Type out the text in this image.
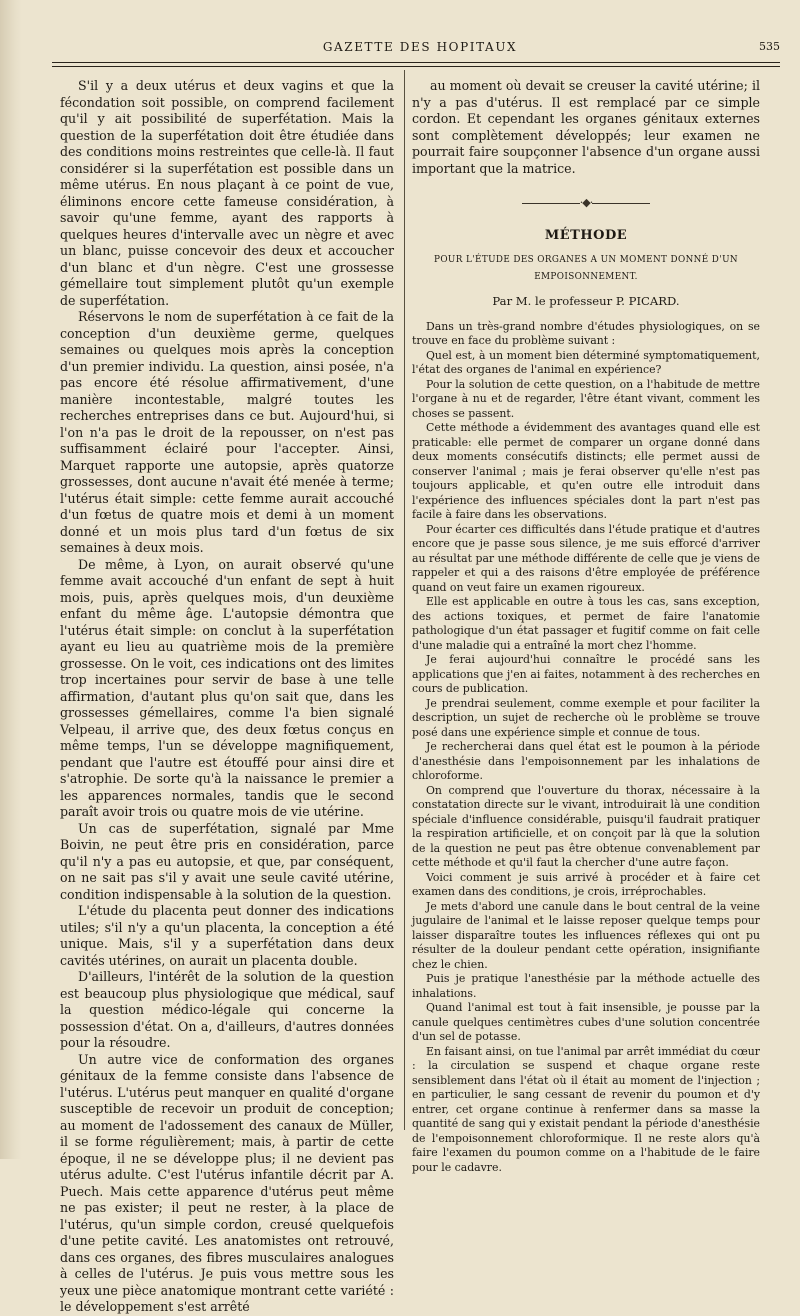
GAZETTE DES HOPITAUX	535

S'il y a deux utérus et deux vagins et que la fécondation soit possible, on comprend facilement qu'il y ait possibilité de superfétation. Mais la question de la superfétation doit être étudiée dans des conditions moins restreintes que celle-là. Il faut considérer si la superfétation est possible dans un même utérus. En nous plaçant à ce point de vue, éliminons encore cette fameuse considération, à savoir qu'une femme, ayant des rapports à quelques heures d'intervalle avec un nègre et avec un blanc, puisse concevoir des deux et accoucher d'un blanc et d'un nègre. C'est une grossesse gémellaire tout simplement plutôt qu'un exemple de superfétation.

Réservons le nom de superfétation à ce fait de la conception d'un deuxième germe, quelques semaines ou quelques mois après la conception d'un premier individu. La question, ainsi posée, n'a pas encore été résolue affirmativement, d'une manière incontestable, malgré toutes les recherches entreprises dans ce but. Aujourd'hui, si l'on n'a pas le droit de la repousser, on n'est pas suffisamment éclairé pour l'accepter. Ainsi, Marquet rapporte une autopsie, après quatorze grossesses, dont aucune n'avait été menée à terme; l'utérus était simple: cette femme aurait accouché d'un fœtus de quatre mois et demi à un moment donné et un mois plus tard d'un fœtus de six semaines à deux mois.

De même, à Lyon, on aurait observé qu'une femme avait accouché d'un enfant de sept à huit mois, puis, après quelques mois, d'un deuxième enfant du même âge. L'autopsie démontra que l'utérus était simple: on conclut à la superfétation ayant eu lieu au quatrième mois de la première grossesse. On le voit, ces indications ont des limites trop incertaines pour servir de base à une telle affirmation, d'autant plus qu'on sait que, dans les grossesses gémellaires, comme l'a bien signalé Velpeau, il arrive que, des deux fœtus conçus en même temps, l'un se développe magnifiquement, pendant que l'autre est étouffé pour ainsi dire et s'atrophie. De sorte qu'à la naissance le premier a les apparences normales, tandis que le second paraît avoir trois ou quatre mois de vie utérine.

Un cas de superfétation, signalé par Mme Boivin, ne peut être pris en considération, parce qu'il n'y a pas eu autopsie, et que, par conséquent, on ne sait pas s'il y avait une seule cavité utérine, condition indispensable à la solution de la question.

L'étude du placenta peut donner des indications utiles; s'il n'y a qu'un placenta, la conception a été unique. Mais, s'il y a superfétation dans deux cavités utérines, on aurait un placenta double.

D'ailleurs, l'intérêt de la solution de la question est beaucoup plus physiologique que médical, sauf la question médico-légale qui concerne la possession d'état. On a, d'ailleurs, d'autres données pour la résoudre.

Un autre vice de conformation des organes génitaux de la femme consiste dans l'absence de l'utérus. L'utérus peut manquer en qualité d'organe susceptible de recevoir un produit de conception; au moment de l'adossement des canaux de Müller, il se forme régulièrement; mais, à partir de cette époque, il ne se développe plus; il ne devient pas utérus adulte. C'est l'utérus infantile décrit par A. Puech. Mais cette apparence d'utérus peut même ne pas exister; il peut ne rester, à la place de l'utérus, qu'un simple cordon, creusé quelquefois d'une petite cavité. Les anatomistes ont retrouvé, dans ces organes, des fibres musculaires analogues à celles de l'utérus. Je puis vous mettre sous les yeux une pièce anatomique montrant cette variété : le développement s'est arrêté

au moment où devait se creuser la cavité utérine; il n'y a pas d'utérus. Il est remplacé par ce simple cordon. Et cependant les organes génitaux externes sont complètement développés; leur examen ne pourrait faire soupçonner l'absence d'un organe aussi important que la matrice.

·◆·
MÉTHODE
POUR L'ÉTUDE DES ORGANES A UN MOMENT DONNÉ D'UN EMPOISONNEMENT.
Par M. le professeur P. PICARD.

Dans un très-grand nombre d'études physiologiques, on se trouve en face du problème suivant :

Quel est, à un moment bien déterminé symptomatiquement, l'état des organes de l'animal en expérience?

Pour la solution de cette question, on a l'habitude de mettre l'organe à nu et de regarder, l'être étant vivant, comment les choses se passent.

Cette méthode a évidemment des avantages quand elle est praticable: elle permet de comparer un organe donné dans deux moments consécutifs distincts; elle permet aussi de conserver l'animal ; mais je ferai observer qu'elle n'est pas toujours applicable, et qu'en outre elle introduit dans l'expérience des influences spéciales dont la part n'est pas facile à faire dans les observations.

Pour écarter ces difficultés dans l'étude pratique et d'autres encore que je passe sous silence, je me suis efforcé d'arriver au résultat par une méthode différente de celle que je viens de rappeler et qui a des raisons d'être employée de préférence quand on veut faire un examen rigoureux.

Elle est applicable en outre à tous les cas, sans exception, des actions toxiques, et permet de faire l'anatomie pathologique d'un état passager et fugitif comme on fait celle d'une maladie qui a entraîné la mort chez l'homme.

Je ferai aujourd'hui connaître le procédé sans les applications que j'en ai faites, notamment à des recherches en cours de publication.

Je prendrai seulement, comme exemple et pour faciliter la description, un sujet de recherche où le problème se trouve posé dans une expérience simple et connue de tous.

Je rechercherai dans quel état est le poumon à la période d'anesthésie dans l'empoisonnement par les inhalations de chloroforme.

On comprend que l'ouverture du thorax, nécessaire à la constatation directe sur le vivant, introduirait là une condition spéciale d'influence considérable, puisqu'il faudrait pratiquer la respiration artificielle, et on conçoit par là que la solution de la question ne peut pas être obtenue convenablement par cette méthode et qu'il faut la chercher d'une autre façon.

Voici comment je suis arrivé à procéder et à faire cet examen dans des conditions, je crois, irréprochables.

Je mets d'abord une canule dans le bout central de la veine jugulaire de l'animal et le laisse reposer quelque temps pour laisser disparaître toutes les influences réflexes qui ont pu résulter de la douleur pendant cette opération, insignifiante chez le chien.

Puis je pratique l'anesthésie par la méthode actuelle des inhalations.

Quand l'animal est tout à fait insensible, je pousse par la canule quelques centimètres cubes d'une solution concentrée d'un sel de potasse.

En faisant ainsi, on tue l'animal par arrêt immédiat du cœur : la circulation se suspend et chaque organe reste sensiblement dans l'état où il était au moment de l'injection ; en particulier, le sang cessant de revenir du poumon et d'y entrer, cet organe continue à renfermer dans sa masse la quantité de sang qui y existait pendant la période d'anesthésie de l'empoisonnement chloroformique. Il ne reste alors qu'à faire l'examen du poumon comme on a l'habitude de le faire pour le cadavre.
